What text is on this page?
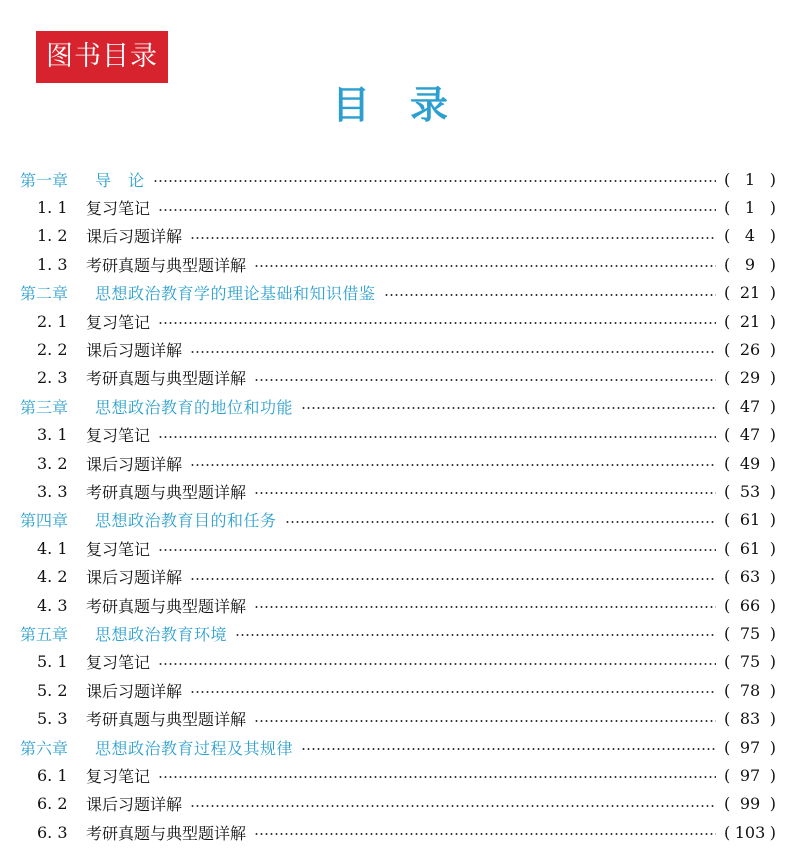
图书目录
目录
第一章	导　论	( 1 )
1. 1	复习笔记	( 1 )
1. 2	课后习题详解	( 4 )
1. 3	考研真题与典型题详解	( 9 )
第二章	思想政治教育学的理论基础和知识借鉴	( 21 )
2. 1	复习笔记	( 21 )
2. 2	课后习题详解	( 26 )
2. 3	考研真题与典型题详解	( 29 )
第三章	思想政治教育的地位和功能	( 47 )
3. 1	复习笔记	( 47 )
3. 2	课后习题详解	( 49 )
3. 3	考研真题与典型题详解	( 53 )
第四章	思想政治教育目的和任务	( 61 )
4. 1	复习笔记	( 61 )
4. 2	课后习题详解	( 63 )
4. 3	考研真题与典型题详解	( 66 )
第五章	思想政治教育环境	( 75 )
5. 1	复习笔记	( 75 )
5. 2	课后习题详解	( 78 )
5. 3	考研真题与典型题详解	( 83 )
第六章	思想政治教育过程及其规律	( 97 )
6. 1	复习笔记	( 97 )
6. 2	课后习题详解	( 99 )
6. 3	考研真题与典型题详解	( 103 )
